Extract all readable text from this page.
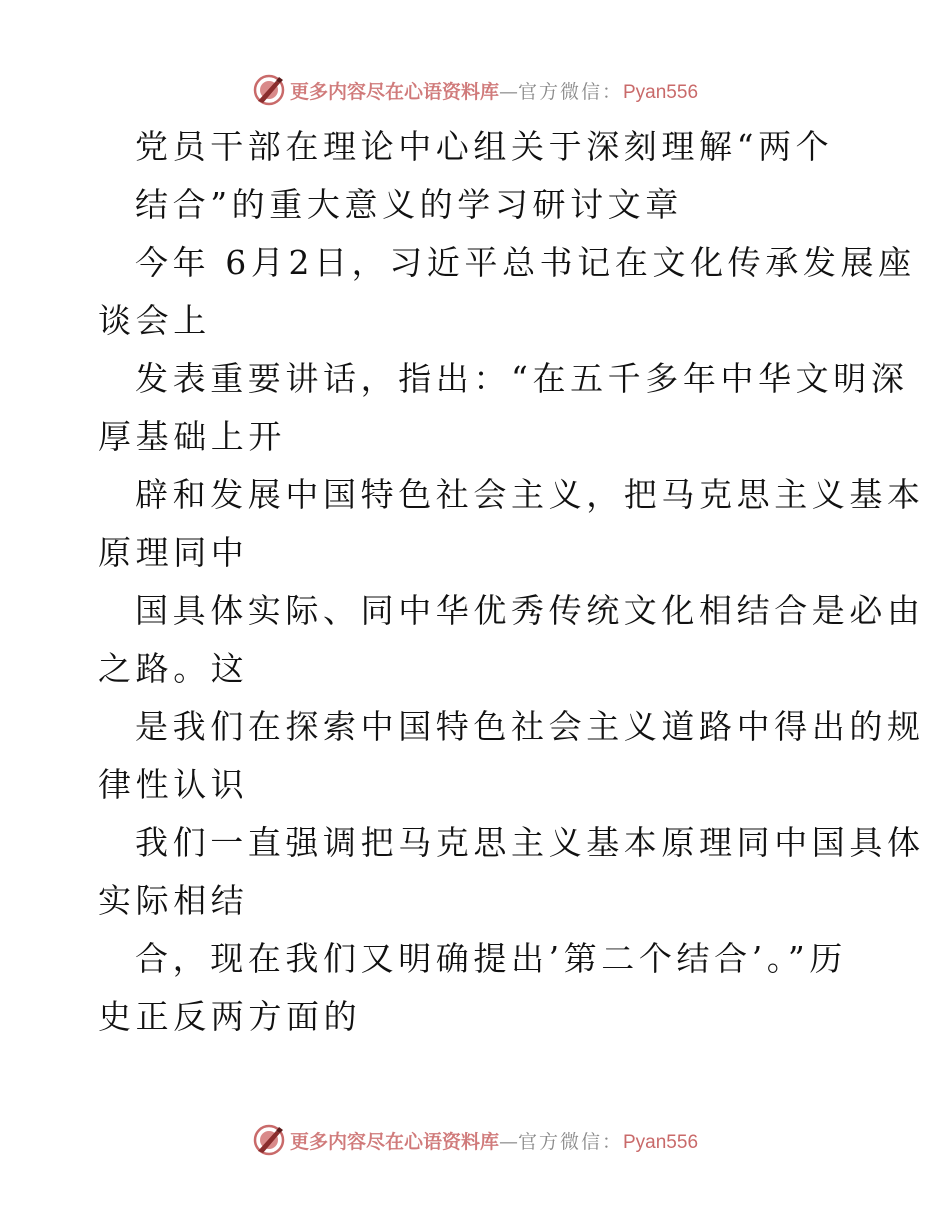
更多内容尽在心语资料库—官方微信：Pyan556
党员干部在理论中心组关于深刻理解“两个
结合”的重大意义的学习研讨文章
今年 6月2日，习近平总书记在文化传承发展座
谈会上
发表重要讲话，指出：“在五千多年中华文明深
厚基础上开
辟和发展中国特色社会主义，把马克思主义基本
原理同中
国具体实际、同中华优秀传统文化相结合是必由
之路。这
是我们在探索中国特色社会主义道路中得出的规
律性认识
我们一直强调把马克思主义基本原理同中国具体
实际相结
合，现在我们又明确提出’第二个结合’。”历
史正反两方面的
更多内容尽在心语资料库—官方微信：Pyan556
